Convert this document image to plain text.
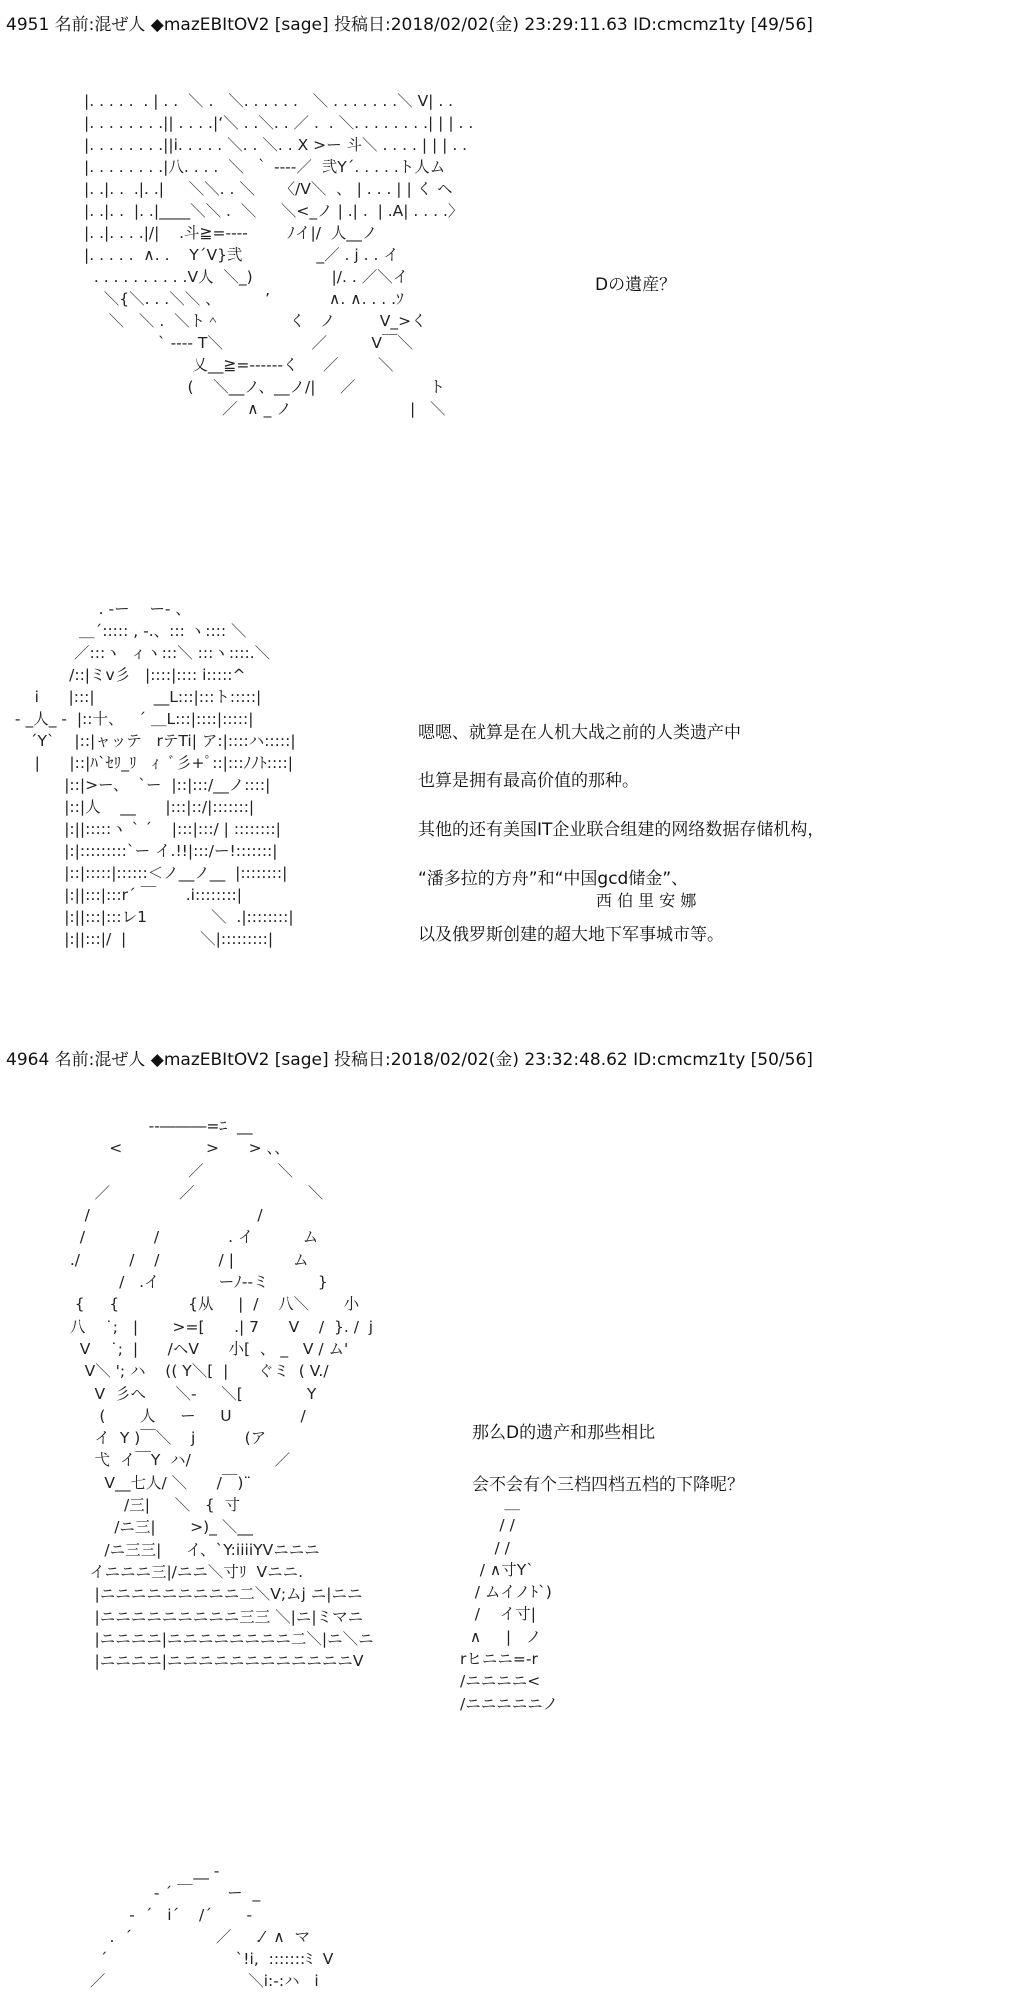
4951 名前:混ぜ人 ◆mazEBItOV2 [sage] 投稿日:2018/02/02(金) 23:29:11.63 ID:cmcmz1ty [49/56]
|. . . . .  . | . .  ＼ .   ＼. . . . . .   ＼ . . . . . . .＼ V| . .
|. . . . . . . .|| . . . .|‘＼ . .＼. . ／ .  . ＼. . . . . . . .| | | . .
|. . . . . . . .||i. . . . . ＼. . ＼. . X >ー 斗＼ . . . . | | | . .
|. . . . . . . .|八. . . .  ＼  ｀ ----／  弐Y´. . . . .ト人ム
|. .|. .  .|. .|     ＼＼. . ＼     〈/V＼  、 | . . . | | く ヘ
|. .|. .  |. .|____＼＼ .  ＼     ＼<_ノ | .| .  | .A| . . . .〉
|. .|. . . .|/|    .斗≧=----        ﾉイ|/  人__ノ
|. . . . .  ∧. .    Y´V}弐               _／ . j . . イ
. . . . . . . . . .V人  ＼_)                |/. . ／＼イ
＼{＼. . .＼＼ 、         ’            ∧. ∧. . . .ｿ
＼   ＼ .  ＼ト＾              く   ノ         V_>く
` ---- T＼                  ／         V￣＼
乂__≧=------く     ／        ＼
(    ＼__ノ、__ノ/|     ／               ト
／  ∧ _ ノ                        |   ＼
Dの遺産？
. -ー    ー- 、
＿´::::: , -.、::: ヽ:::: ＼
／:::ヽ  ィヽ:::＼ :::ヽ::::.＼
/::|ミv彡   |::::|:::: i:::::^
i      |:::|            __L:::|:::ト:::::|
- _人_ -  |::十、   ´ ＿L:::|::::|:::::|
´Y`    |::|ャッテ   rテTi| ア:|::::ハ:::::|
|      |::|ﾊ`ｾﾘ_ﾘ   ｨ  ﾞ彡+ﾟ::|:::ﾉﾉﾄ::::|
|::|>ー、  `ー  |::|:::/__ノ::::|
|::|人    __      |:::|::/|:::::::|
|:||:::::ヽ ` ´    |:::|:::/ | ::::::::|
|:|:::::::::`ー イ.!!|:::/ー!:::::::|
|::|:::::|::::::＜ノ__ノ__  |::::::::|
|:||:::|:::r´ ￣      .i::::::::|
|:||:::|:::レ1             ＼  .|::::::::|
|:||:::|/  |               ＼|:::::::::|
嗯嗯、就算是在人机大战之前的人类遗产中
也算是拥有最高价值的那种。
其他的还有美国IT企业联合组建的网络数据存储机构，
“潘多拉的方舟”和“中国gcd储金”、
西 伯 里 安 娜
以及俄罗斯创建的超大地下军事城市等。
4964 名前:混ぜ人 ◆mazEBItOV2 [sage] 投稿日:2018/02/02(金) 23:32:48.62 ID:cmcmz1ty [50/56]
--―――=ﾆ  __
<                 >      > 、、
／               ＼
／              ／                       ＼
/                                  /
/              /              . イ          ム
./          /    /            / |            ム
/   .イ            ーﾉ--ミ          }
{     {              {从     |  /    八＼       小
八    ˙;   |       >=[      .| 7      V    /  }. /  j
V    ˙;  |      /ヘV      小[  、 _   V / ム'
V＼ '; ハ    (( Y＼[  |      ぐミ  ( V./
V  彡へ      ＼-     ＼[             Y
(       人     ー     U              /
イ  Y )￣＼    j          (ア
弋  イ￣Y  ハ/                 ／
V__七人/ ＼      /￣)¨
/三|     ＼   {  寸
/ニ三|       >)_ ＼__
/ニ三三|     イ、`Y:iiiiYVニニニ
イニニニ三|/ニニ＼寸ﾘ  Vニニ.
|ニニニニニニニニニ二＼V;ムj ニ|ニニ
|ニニニニニニニニニ三三 ＼|ニ|ミマニ
|ニニニニ|ニニニニニニニニ二＼|ニ＼ニ
|ニニニニ|ニニニニニニニニニニニニV
＿
/ /
/ /
/ ∧寸Y`
/ ムイノﾄ`)
/    イ寸|
∧     |   ノ
rヒニニ=-r
/ニニニニ<
/ニニニニニノ
那么D的遗产和那些相比
会不会有个三档四档五档的下降呢？
__ -
- ´ ￣       ー  _
-  ´   i´    /´       ‐
.  ´                 ／     .⁄  ∧  マ
´                          `!i,  :::::::ﾐ  V
／                             ＼i:-:ハ   i
